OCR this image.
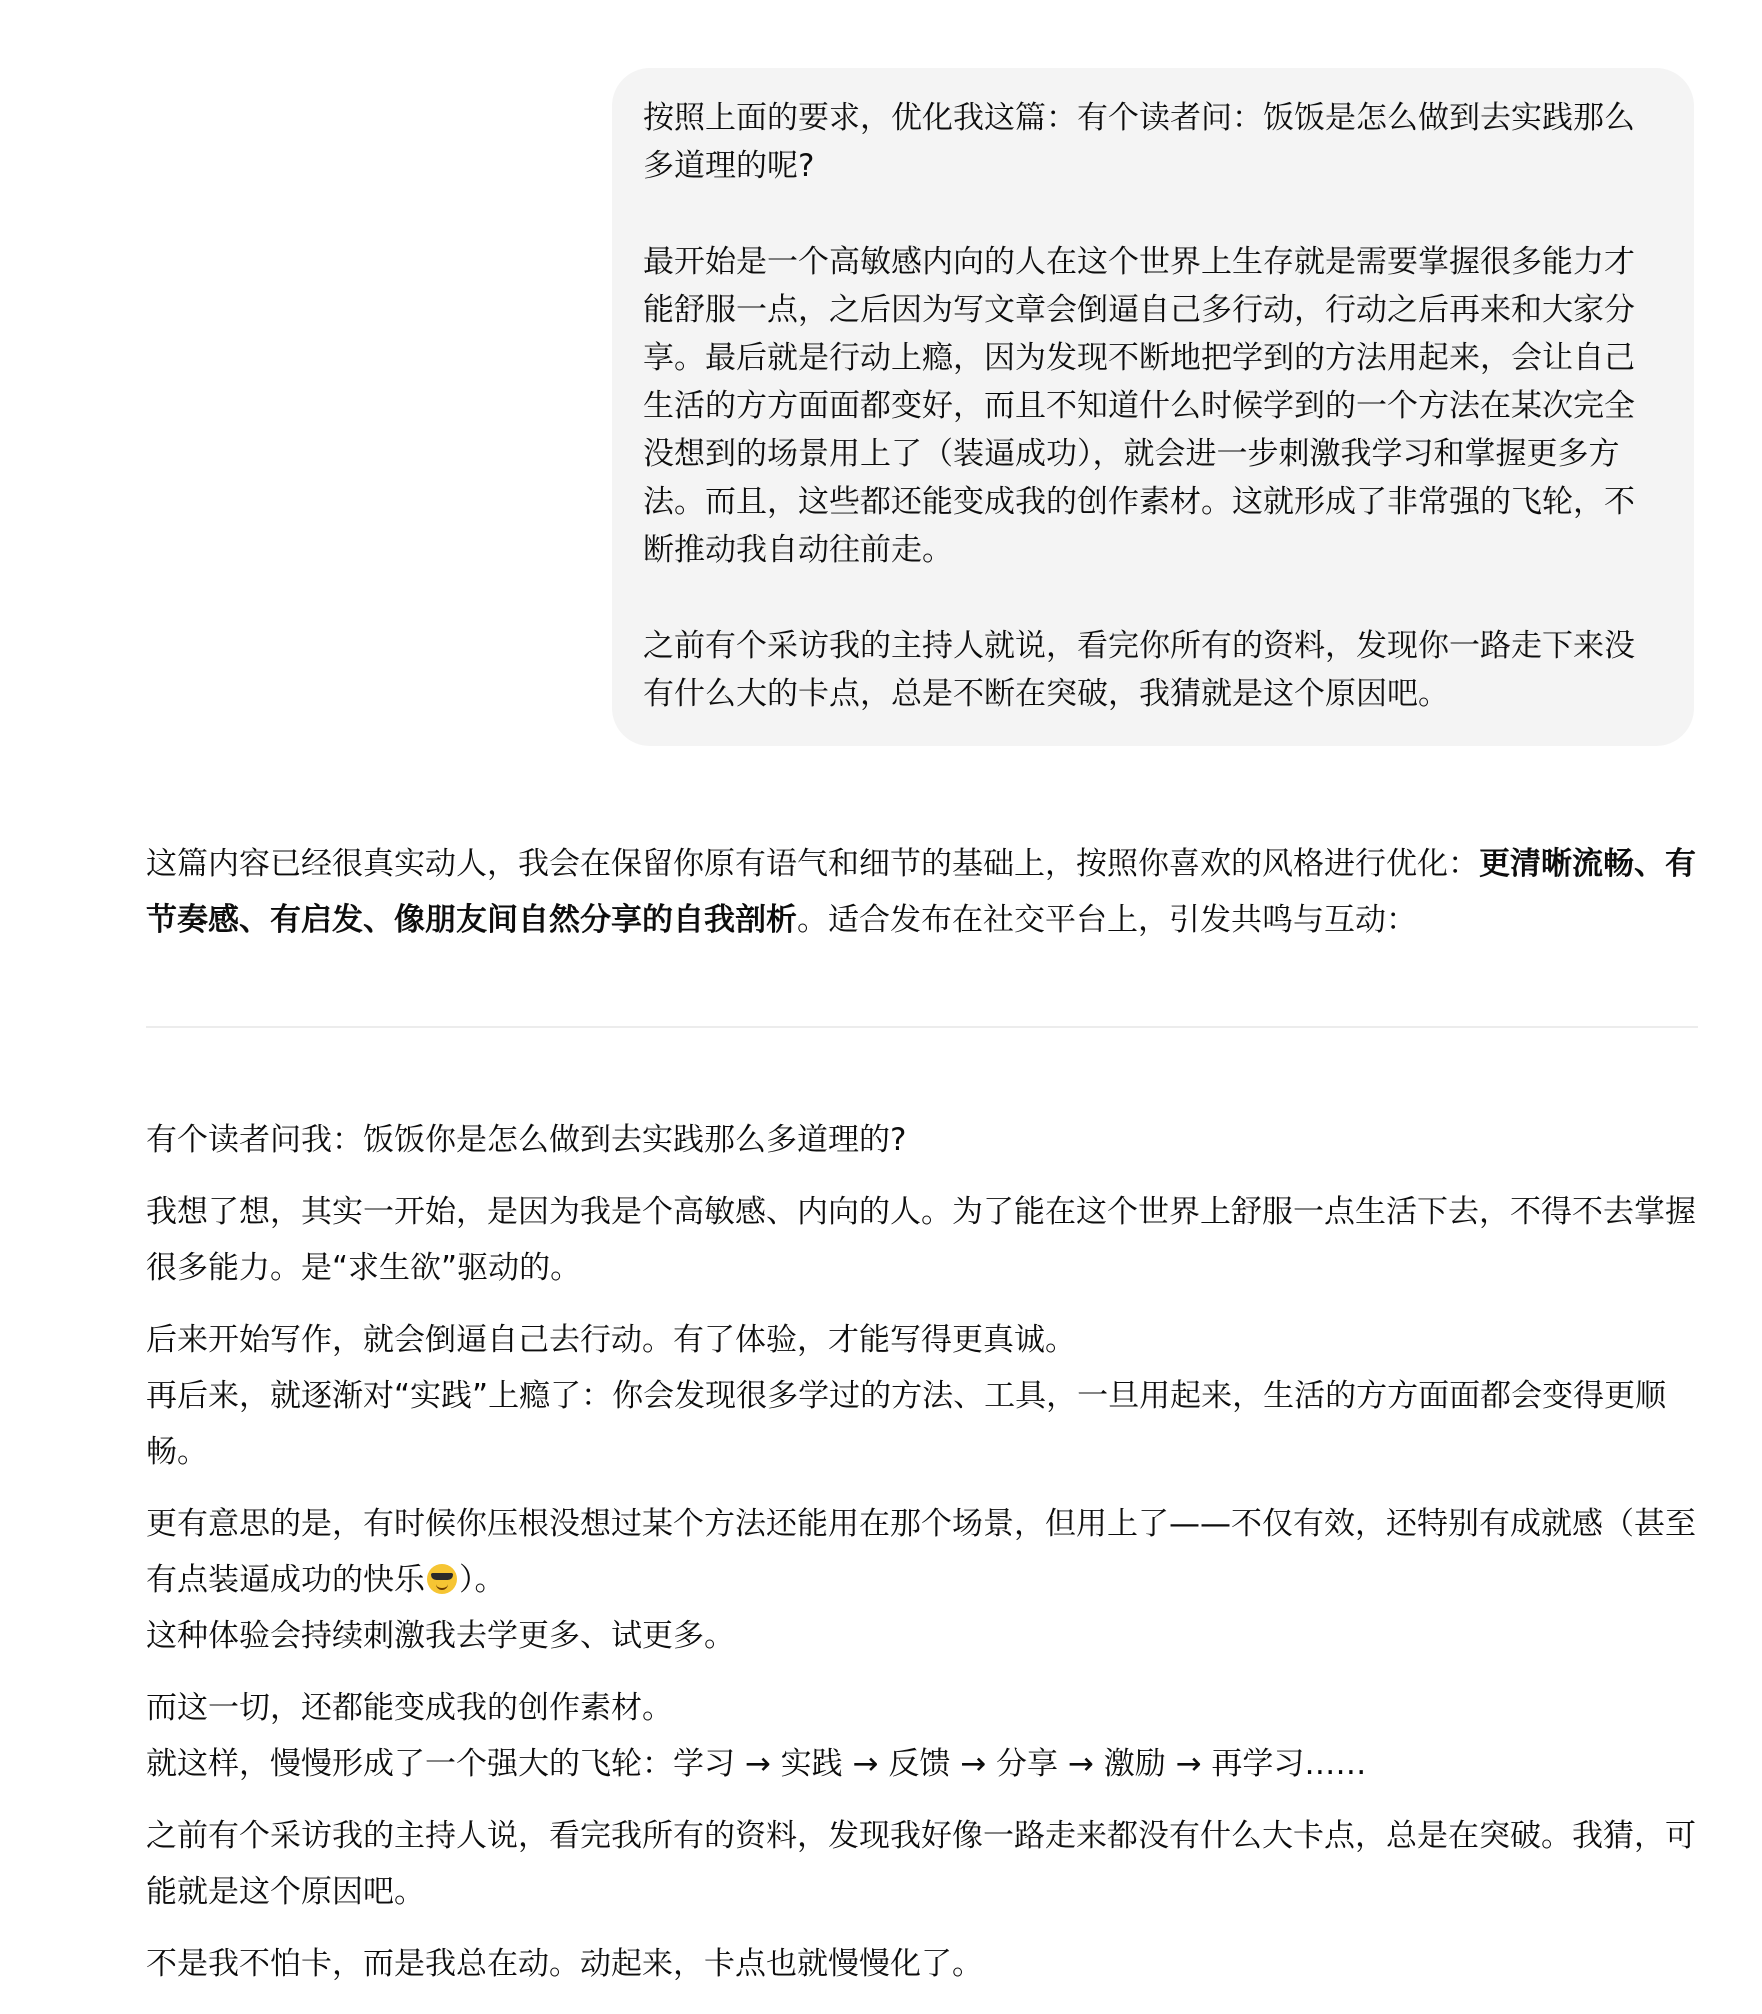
按照上面的要求，优化我这篇：有个读者问：饭饭是怎么做到去实践那么多道理的呢?

最开始是一个高敏感内向的人在这个世界上生存就是需要掌握很多能力才能舒服一点，之后因为写文章会倒逼自己多行动，行动之后再来和大家分享。最后就是行动上瘾，因为发现不断地把学到的方法用起来，会让自己生活的方方面面都变好，而且不知道什么时候学到的一个方法在某次完全没想到的场景用上了（装逼成功），就会进一步刺激我学习和掌握更多方法。而且，这些都还能变成我的创作素材。这就形成了非常强的飞轮，不断推动我自动往前走。

之前有个采访我的主持人就说，看完你所有的资料，发现你一路走下来没有什么大的卡点，总是不断在突破，我猜就是这个原因吧。

这篇内容已经很真实动人，我会在保留你原有语气和细节的基础上，按照你喜欢的风格进行优化：更清晰流畅、有节奏感、有启发、像朋友间自然分享的自我剖析。适合发布在社交平台上，引发共鸣与互动：

有个读者问我：饭饭你是怎么做到去实践那么多道理的?

我想了想，其实一开始，是因为我是个高敏感、内向的人。为了能在这个世界上舒服一点生活下去，不得不去掌握很多能力。是“求生欲”驱动的。

后来开始写作，就会倒逼自己去行动。有了体验，才能写得更真诚。
再后来，就逐渐对“实践”上瘾了：你会发现很多学过的方法、工具，一旦用起来，生活的方方面面都会变得更顺畅。

更有意思的是，有时候你压根没想过某个方法还能用在那个场景，但用上了——不仅有效，还特别有成就感（甚至有点装逼成功的快乐 ）。
这种体验会持续刺激我去学更多、试更多。

而这一切，还都能变成我的创作素材。
就这样，慢慢形成了一个强大的飞轮：学习 → 实践 → 反馈 → 分享 → 激励 → 再学习……

之前有个采访我的主持人说，看完我所有的资料，发现我好像一路走来都没有什么大卡点，总是在突破。我猜，可能就是这个原因吧。

不是我不怕卡，而是我总在动。动起来，卡点也就慢慢化了。
